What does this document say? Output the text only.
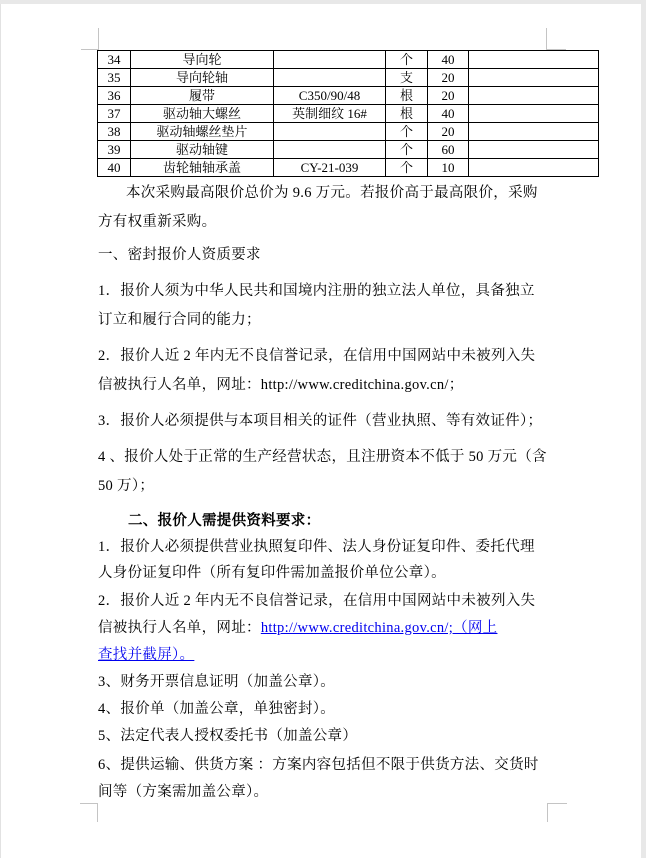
34	导向轮		个	40	
35	导向轮轴		支	20	
36	履带	C350/90/48	根	20	
37	驱动轴大螺丝	英制细纹 16#	根	40	
38	驱动轴螺丝垫片		个	20	
39	驱动轴键		个	60	
40	齿轮轴轴承盖	CY-21-039	个	10	
本次采购最高限价总价为 9.6 万元。若报价高于最高限价，采购
方有权重新采购。
一、密封报价人资质要求
1．报价人须为中华人民共和国境内注册的独立法人单位，具备独立
订立和履行合同的能力；
2．报价人近 2 年内无不良信誉记录，在信用中国网站中未被列入失
信被执行人名单，网址：http://www.creditchina.gov.cn/；
3．报价人必须提供与本项目相关的证件（营业执照、等有效证件）；
4 、报价人处于正常的生产经营状态，且注册资本不低于 50 万元（含
50 万）；
二、报价人需提供资料要求：
1．报价人必须提供营业执照复印件、法人身份证复印件、委托代理
人身份证复印件（所有复印件需加盖报价单位公章）。
2．报价人近 2 年内无不良信誉记录，在信用中国网站中未被列入失
信被执行人名单，网址：http://www.creditchina.gov.cn/;（网上
查找并截屏）。
3、财务开票信息证明（加盖公章）。
4、报价单（加盖公章，单独密封）。
5、法定代表人授权委托书（加盖公章）
6、提供运输、供货方案 ：方案内容包括但不限于供货方法、交货时
间等（方案需加盖公章）。
